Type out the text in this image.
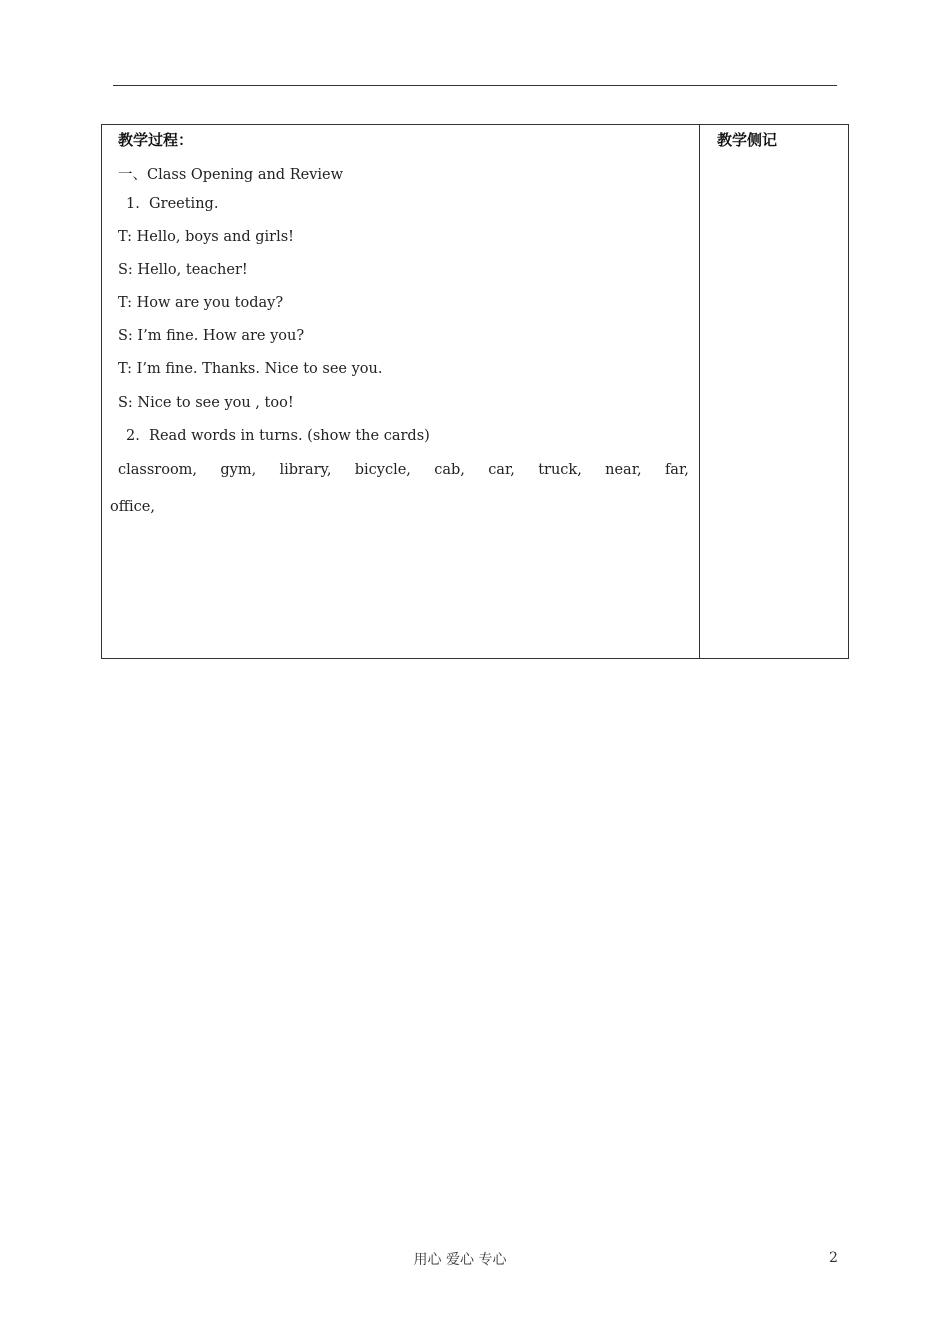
教学过程：
一、Class Opening and Review
1.  Greeting.
T: Hello, boys and girls!
S: Hello, teacher!
T: How are you today?
S: I’m fine. How are you?
T: I’m fine. Thanks. Nice to see you.
S: Nice to see you , too!
2.  Read words in turns. (show the cards)
classroom, gym, library, bicycle, cab, car, truck, near, far,
office,
教学侧记
用心 爱心 专心	2
